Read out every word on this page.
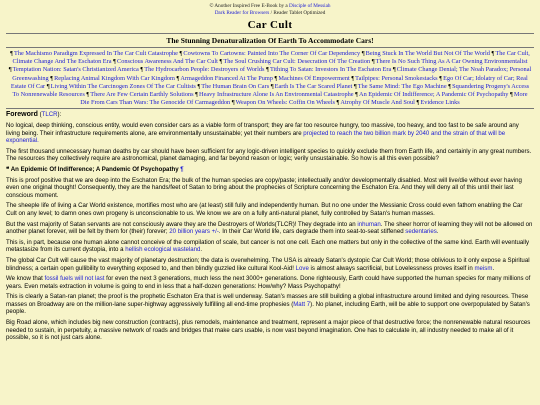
© Another Inspired Free E-Book by a Disciple of Messiah
Dark Reader for Browsers / Reader Tablet Optimized
Car Cult
The Stunning Denaturalization Of Earth To Accommodate Cars!
¶The Machismo Paradigm Expressed In The Car Cult Catastrophe ¶Cowtowns To Cartowns: Painted Into The Corner Of Car Dependency ¶Being Stuck In The World But Not Of The World ¶The Car Cult, Climate Change And The Eschaton Era ¶Conscious Awareness And The Car Cult ¶The Soul Crushing Car Cult: Desecration Of The Creation ¶There Is No Such Thing As A Car Owning Environmentalist ¶Temptation Nation: Satan's Christianized America ¶The Hydrocarbon People: Destroyers of Worlds ¶Tithing To Satan: Investors In The Eschaton Era ¶Climate Change Denial; The Noah Paradox; Personal Greenwashing ¶Replacing Animal Kingdom With Car Kingdom ¶Armageddon Financed At The Pump ¶Machines Of Empowerment ¶Tailpipes: Personal Smokestacks ¶Ego Of Car; Idolatry of Car; Real Estate Of Car ¶Living Within The Carcinogen Zones Of The Car Cultists ¶The Human Brain On Cars ¶Earth Is The Car Scared Planet ¶The Same Mind: The Ego Machine ¶Squandering Progeny's Access To Nonrenewable Resources ¶There Are Few Certain Earthly Solutions ¶Heavy Infrastructure Alone Is An Environmental Catastrophe ¶An Epidemic Of Indifference; A Pandemic Of Psychopathy ¶More Die From Cars Than Wars: The Genocide Of Carmageddon ¶Weapon On Wheels: Coffin On Wheels ¶Atrophy Of Muscle And Soul ¶Evidence Links

Foreword (TLCR):

No logical, deep thinking, conscious entity, would even consider cars as a viable form of transport; they are far too resource hungry, too massive, too heavy, and too fast to be safe around any living being. Their infrastructure requirements alone, are environmentally unsustainable; yet their numbers are projected to reach the two billion mark by 2040 and the strain of that will be exponential.

The first thousand unnecessary human deaths by car should have been sufficient for any logic-driven intelligent species to quickly exclude them from Earth life, and certainly in any great numbers. The resources they collectively require are astronomical, planet damaging, and far beyond reason or logic; verily unsustainable. So how is all this even possible?

❝ An Epidemic Of Indifference; A Pandemic Of Psychopathy ¶

This is proof positive that we are deep into the Eschaton Era; the bulk of the human species are copy/paste; intellectually and/or developmentally disabled. Most will live/die without ever having even one original thought! Consequently, they are the hands/feet of Satan to bring about the prophecies of Scripture concerning the Eschaton Era. And they will deny all of this until their last conscious moment.

The sheeple life of living a Car World existence, mortifies most who are (at least) still fully and independently human. But no one under the Messianic Cross could even fathom enabling the Car Cult on any level; to damn ones own progeny is unconscionable to us. We know we are on a fully anti-natural planet, fully controlled by Satan's human masses.

But the vast majority of Satan servants are not consciously aware they are the Destroyers of Worlds(TLCR)! They degrade into an inhuman. The sheer horror of learning they will not be allowed on another planet forever, will be felt by them for (their) forever; 20 billion years +/-. In their Car World life, cars degrade them into seat-to-seat stiffened sedentaries.

This is, in part, because one human alone cannot conceive of the compilation of scale, but cancer is not one cell. Each one matters but only in the collective of the same kind. Earth will eventually metastasize from its current dystopia, into a hellish ecological wasteland.

The global Car Cult will cause the vast majority of planetary destruction; the data is overwhelming. The USA is already Satan's dystopic Car Cult World; those oblivious to it only expose a Spiritual blindness; a certain open gullibility to everything exposed to, and then blindly guzzled like cultural Kool-Aid! Love is almost always sacrificial, but Lovelessness proves itself in meism.

We know that fossil fuels will not last for even the next 3 generations, much less the next 3000+ generations. Done righteously, Earth could have supported the human species for many millions of years. Even metals extraction in volume is going to end in less that a half-dozen generations: How/why? Mass Psychopathy!

This is clearly a Satan-ran planet; the proof is the prophetic Eschaton Era that is well underway. Satan's masses are still building a global infrastructure around limited and dying resources. These masses on Broadway are on the million-lane super-highway aggressively fulfilling all end-time prophesies (Matt 7). No planet, including Earth, will be able to support one overpopulated by Satan's people.

Big Road alone, which includes big new construction (contracts), plus remodels, maintenance and treatment, represent a major piece of that destructive force; the nonrenewable natural resources needed to sustain, in perpetuity, a massive network of roads and bridges that make cars usable, is now vast beyond imagination. One has to calculate in, all industry needed to make all of it possible, so it is not just cars alone.
